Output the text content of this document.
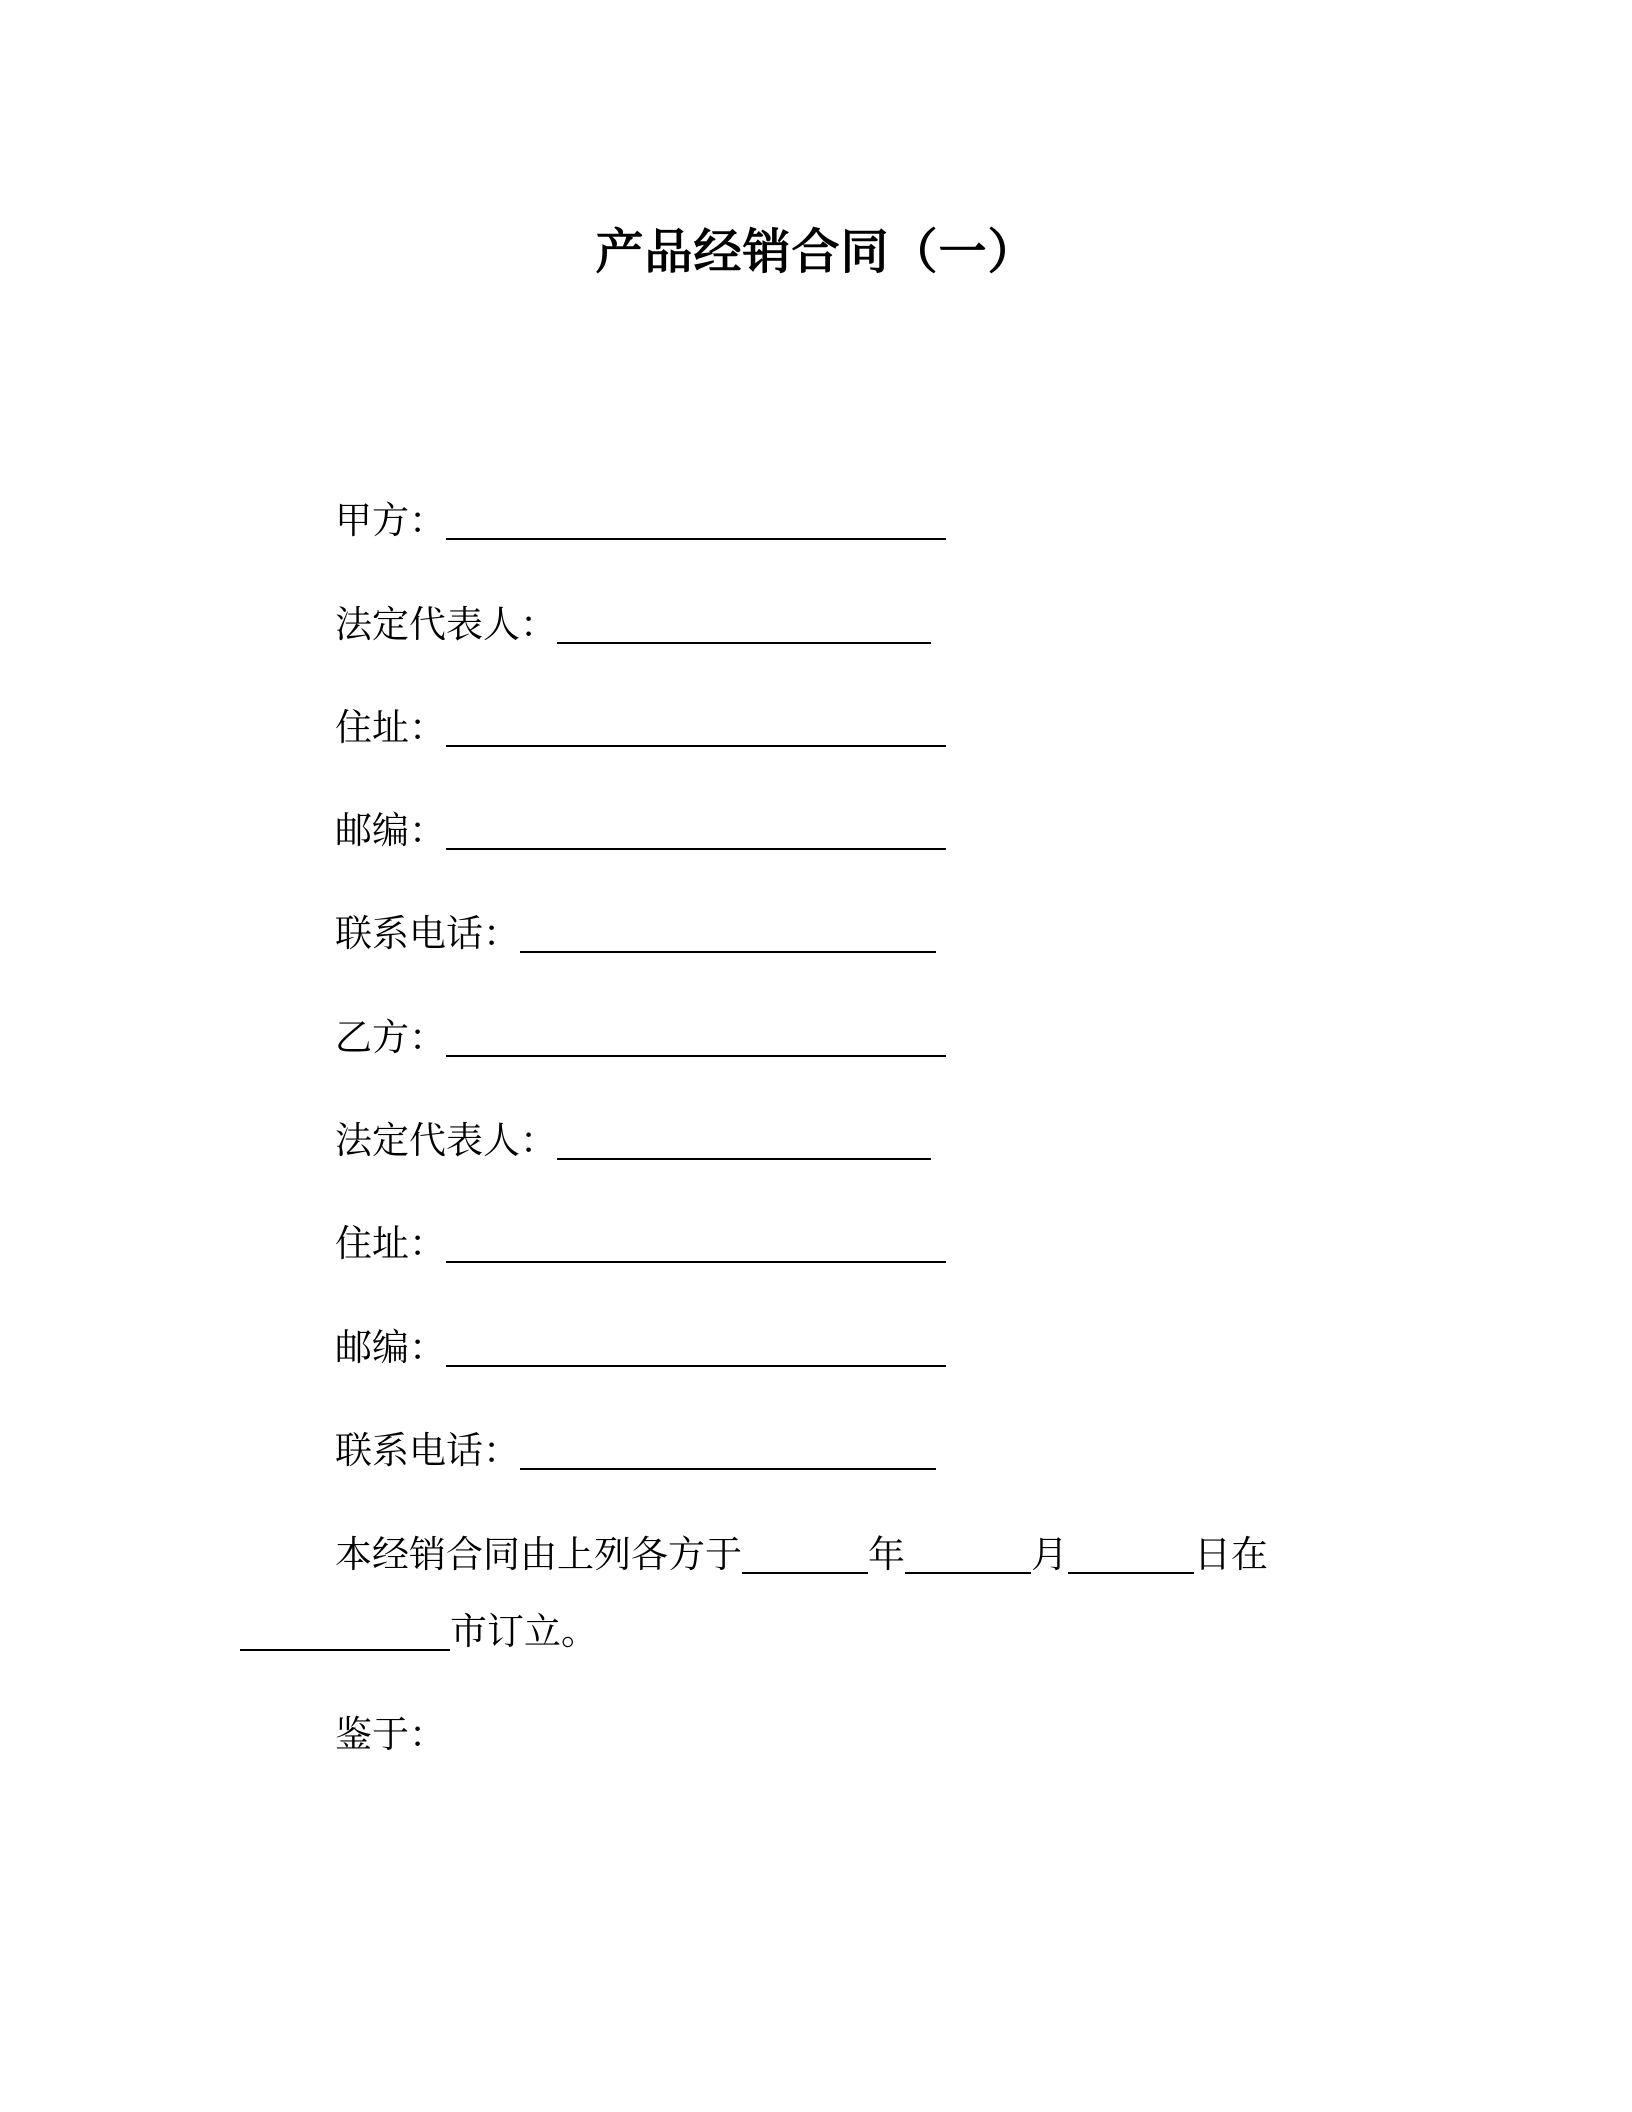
产品经销合同（一）
甲方：
法定代表人：
住址：
邮编：
联系电话：
乙方：
法定代表人：
住址：
邮编：
联系电话：
本经销合同由上列各方于	年	月	日在
市订立。
鉴于：
